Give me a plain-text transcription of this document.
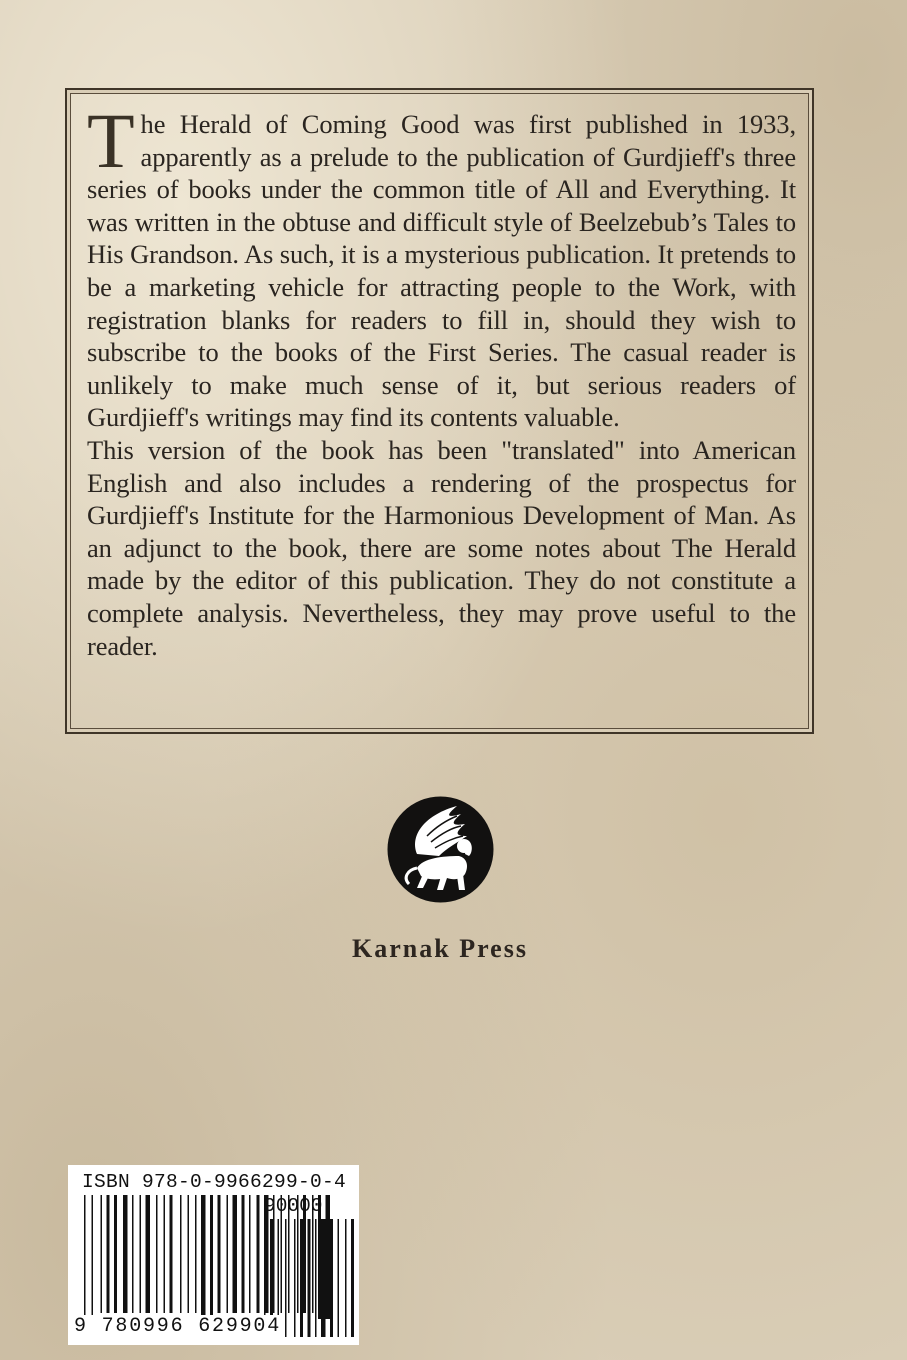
The Herald of Coming Good was first published in 1933, apparently as a prelude to the publication of Gurdjieff's three series of books under the common title of All and Everything. It was written in the obtuse and difficult style of Beelzebub’s Tales to His Grandson. As such, it is a mysterious publication. It pretends to be a marketing vehicle for attracting people to the Work, with registration blanks for readers to fill in, should they wish to subscribe to the books of the First Series. The casual reader is unlikely to make much sense of it, but serious readers of Gurdjieff's writings may find its contents valuable.

This version of the book has been "translated" into American English and also includes a rendering of the prospectus for Gurdjieff's Institute for the Harmonious Development of Man. As an adjunct to the book, there are some notes about The Herald made by the editor of this publication. They do not constitute a complete analysis. Nevertheless, they may prove useful to the reader.

Karnak Press
ISBN 978-0-9966299-0-4
90000
9 780996 629904
